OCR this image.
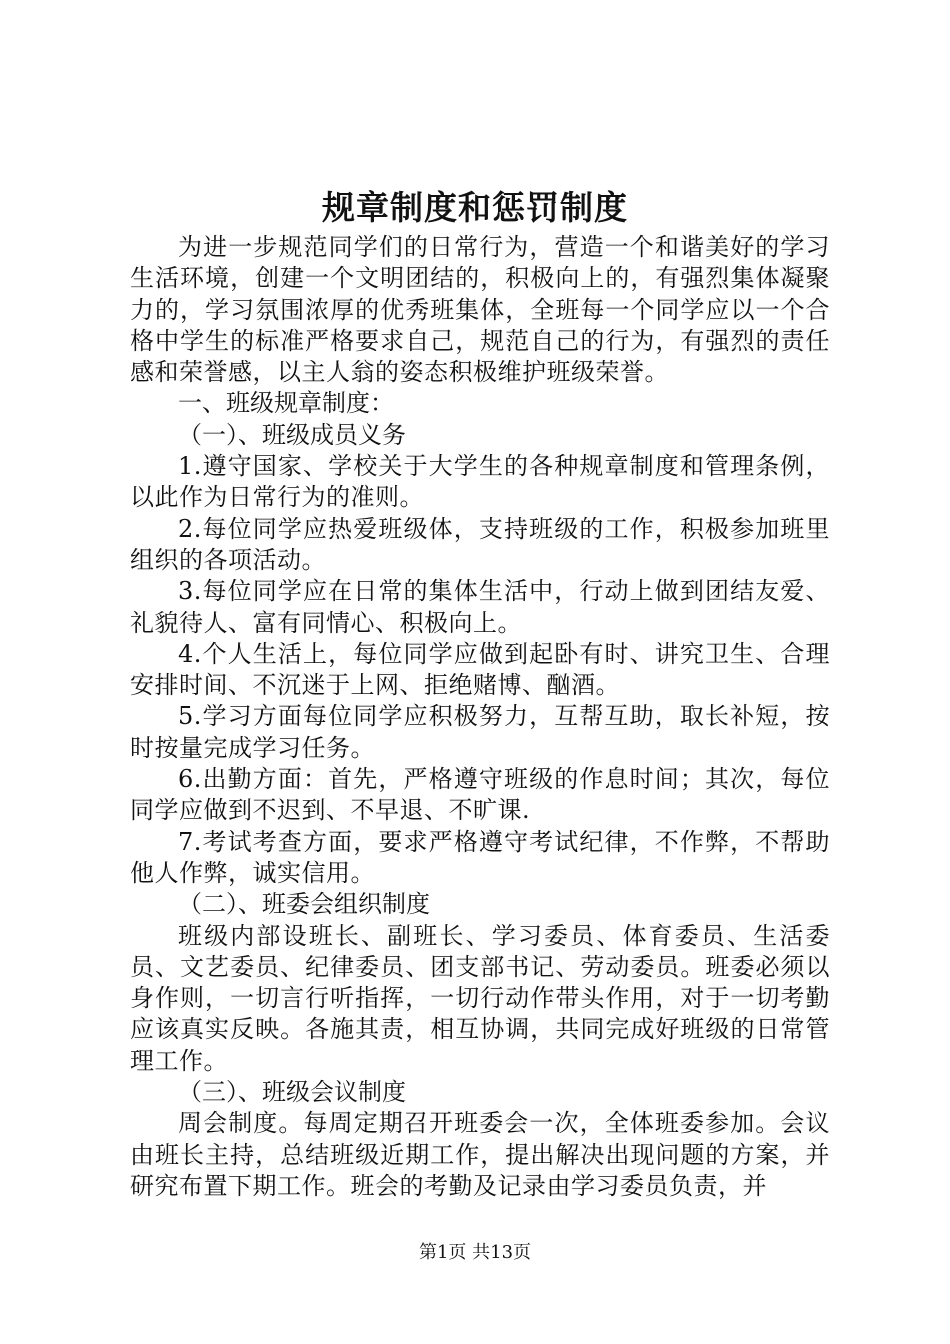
规章制度和惩罚制度

为进一步规范同学们的日常行为，营造一个和谐美好的学习生活环境，创建一个文明团结的，积极向上的，有强烈集体凝聚力的，学习氛围浓厚的优秀班集体，全班每一个同学应以一个合格中学生的标准严格要求自己，规范自己的行为，有强烈的责任感和荣誉感，以主人翁的姿态积极维护班级荣誉。

一、班级规章制度：

（一）、班级成员义务

1.遵守国家、学校关于大学生的各种规章制度和管理条例，以此作为日常行为的准则。

2.每位同学应热爱班级体，支持班级的工作，积极参加班里组织的各项活动。

3.每位同学应在日常的集体生活中，行动上做到团结友爱、礼貌待人、富有同情心、积极向上。

4.个人生活上，每位同学应做到起卧有时、讲究卫生、合理安排时间、不沉迷于上网、拒绝赌博、酗酒。

5.学习方面每位同学应积极努力，互帮互助，取长补短，按时按量完成学习任务。

6.出勤方面：首先，严格遵守班级的作息时间；其次，每位同学应做到不迟到、不早退、不旷课.

7.考试考查方面，要求严格遵守考试纪律，不作弊，不帮助他人作弊，诚实信用。

（二）、班委会组织制度

班级内部设班长、副班长、学习委员、体育委员、生活委员、文艺委员、纪律委员、团支部书记、劳动委员。班委必须以身作则，一切言行听指挥，一切行动作带头作用，对于一切考勤应该真实反映。各施其责，相互协调，共同完成好班级的日常管理工作。

（三）、班级会议制度

周会制度。每周定期召开班委会一次，全体班委参加。会议由班长主持，总结班级近期工作，提出解决出现问题的方案，并研究布置下期工作。班会的考勤及记录由学习委员负责，并

第1页 共13页
